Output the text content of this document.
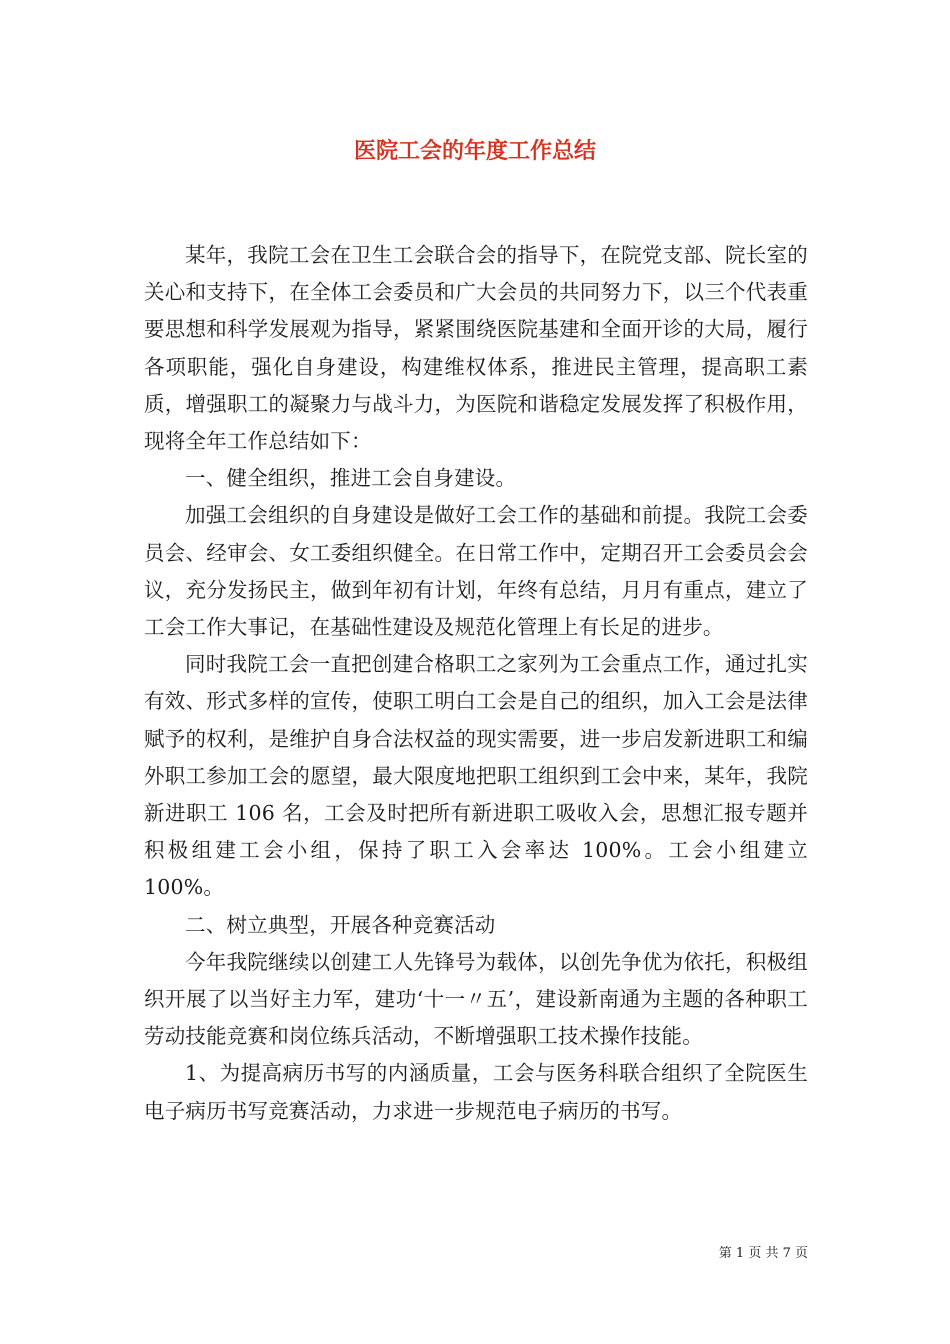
医院工会的年度工作总结

某年，我院工会在卫生工会联合会的指导下，在院党支部、院长室的关心和支持下，在全体工会委员和广大会员的共同努力下，以三个代表重要思想和科学发展观为指导，紧紧围绕医院基建和全面开诊的大局，履行各项职能，强化自身建设，构建维权体系，推进民主管理，提高职工素质，增强职工的凝聚力与战斗力，为医院和谐稳定发展发挥了积极作用，现将全年工作总结如下：

一、健全组织，推进工会自身建设。

加强工会组织的自身建设是做好工会工作的基础和前提。我院工会委员会、经审会、女工委组织健全。在日常工作中，定期召开工会委员会会议，充分发扬民主，做到年初有计划，年终有总结，月月有重点，建立了工会工作大事记，在基础性建设及规范化管理上有长足的进步。

同时我院工会一直把创建合格职工之家列为工会重点工作，通过扎实有效、形式多样的宣传，使职工明白工会是自己的组织，加入工会是法律赋予的权利，是维护自身合法权益的现实需要，进一步启发新进职工和编外职工参加工会的愿望，最大限度地把职工组织到工会中来，某年，我院新进职工 106 名，工会及时把所有新进职工吸收入会，思想汇报专题并积极组建工会小组，保持了职工入会率达 100%。工会小组建立 100%。

二、树立典型，开展各种竞赛活动

今年我院继续以创建工人先锋号为载体，以创先争优为依托，积极组织开展了以当好主力军，建功‘十一〃五’，建设新南通为主题的各种职工劳动技能竞赛和岗位练兵活动，不断增强职工技术操作技能。

1、为提高病历书写的内涵质量，工会与医务科联合组织了全院医生电子病历书写竞赛活动，力求进一步规范电子病历的书写。

第 1 页 共 7 页
